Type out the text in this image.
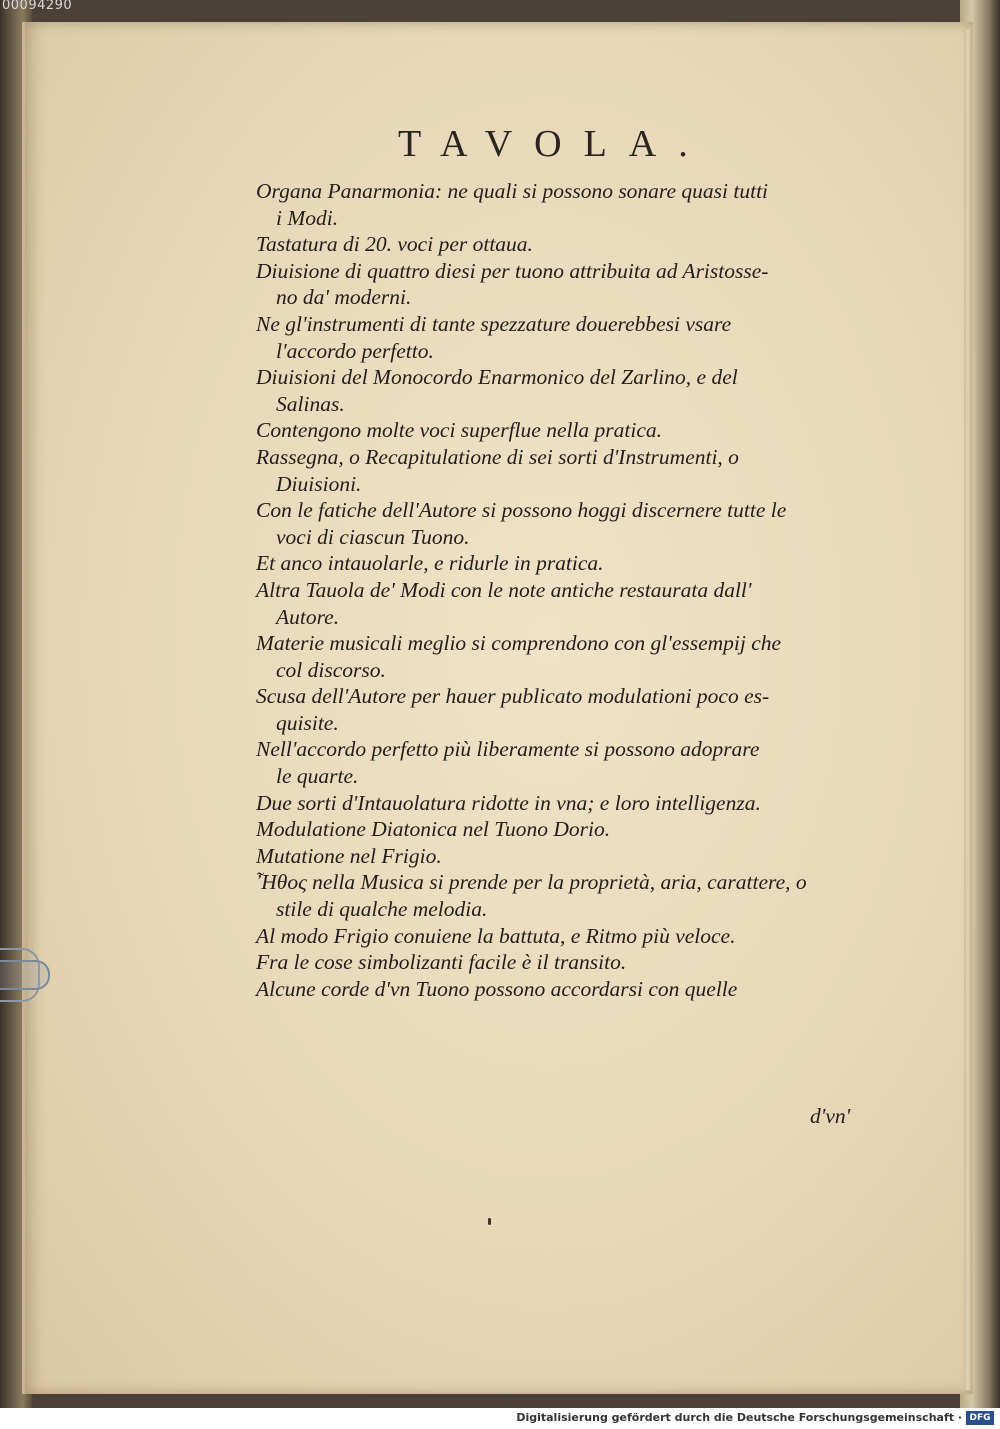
00094290
TAVOLA.

Organa Panarmonia: ne quali si possono sonare quasi tutti
i Modi.

Tastatura di 20. voci per ottaua.

Diuisione di quattro diesi per tuono attribuita ad Aristosse-
no da' moderni.

Ne gl'instrumenti di tante spezzature douerebbesi vsare
l'accordo perfetto.

Diuisioni del Monocordo Enarmonico del Zarlino, e del
Salinas.

Contengono molte voci superflue nella pratica.

Rassegna, o Recapitulatione di sei sorti d'Instrumenti, o
Diuisioni.

Con le fatiche dell'Autore si possono hoggi discernere tutte le
voci di ciascun Tuono.

Et anco intauolarle, e ridurle in pratica.

Altra Tauola de' Modi con le note antiche restaurata dall'
Autore.

Materie musicali meglio si comprendono con gl'essempij che
col discorso.

Scusa dell'Autore per hauer publicato modulationi poco es-
quisite.

Nell'accordo perfetto più liberamente si possono adoprare
le quarte.

Due sorti d'Intauolatura ridotte in vna; e loro intelligenza.

Modulatione Diatonica nel Tuono Dorio.

Mutatione nel Frigio.

Ἦθος nella Musica si prende per la proprietà, aria, carattere, o
stile di qualche melodia.

Al modo Frigio conuiene la battuta, e Ritmo più veloce.

Fra le cose simbolizanti facile è il transito.

Alcune corde d'vn Tuono possono accordarsi con quelle

d'vn'
Digitalisierung gefördert durch die Deutsche Forschungsgemeinschaft · DFG
